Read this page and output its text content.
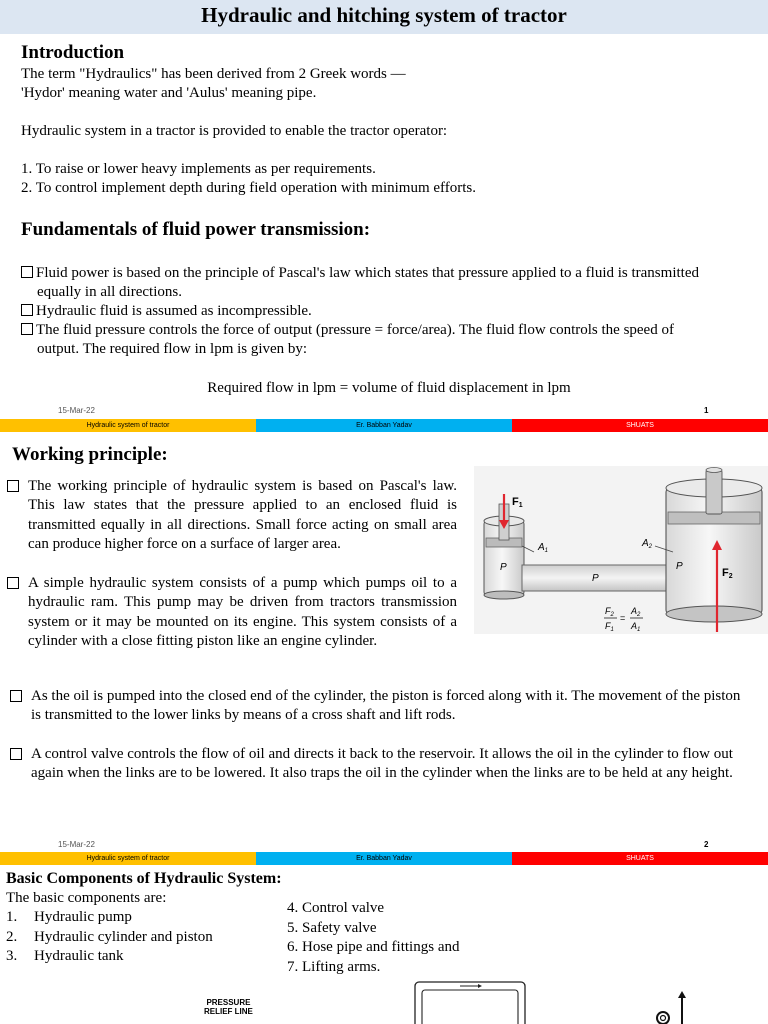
Hydraulic and hitching system of tractor
Introduction

The term "Hydraulics" has been derived from 2 Greek words —

'Hydor' meaning water and 'Aulus' meaning pipe.

Hydraulic system in a tractor is provided to enable the tractor operator:

1. To raise or lower heavy implements as per requirements.

2. To control implement depth during field operation with minimum efforts.

Fundamentals of fluid power transmission:
Fluid power is based on the principle of Pascal's law which states that pressure applied to a fluid is transmitted
equally in all directions.
Hydraulic fluid is assumed as incompressible.
The fluid pressure controls the force of output (pressure = force/area). The fluid flow controls the speed of
output. The required flow in lpm is given by:

Required flow in lpm = volume of fluid displacement in lpm

15-Mar-22	1
Hydraulic system of tractor	Er. Babban Yadav	SHUATS
Working principle:
The working principle of hydraulic system is based on Pascal's law. This law states that the pressure applied to an enclosed fluid is transmitted equally in all directions. Small force acting on small area can produce higher force on a surface of larger area.
A simple hydraulic system consists of a pump which pumps oil to a hydraulic ram. This pump may be driven from tractors transmission system or it may be mounted on its engine. This system consists of a cylinder with a close fitting piston like an engine cylinder.
F1
$A_1$
$A_2$
P
P
P
F2
$F_2$
$F_1$
=
$A_2$
$A_1$
As the oil is pumped into the closed end of the cylinder, the piston is forced along with it. The movement of the piston is transmitted to the lower links by means of a cross shaft and lift rods.
A control valve controls the flow of oil and directs it back to the reservoir. It allows the oil in the cylinder to flow out again when the links are to be lowered. It also traps the oil in the cylinder when the links are to be held at any height.
15-Mar-22	2
Hydraulic system of tractor	Er. Babban Yadav	SHUATS
Basic Components of Hydraulic System:
The basic components are:
1. Hydraulic pump
2. Hydraulic cylinder and piston
3. Hydraulic tank
4. Control valve
5. Safety valve
6. Hose pipe and fittings and
7. Lifting arms.
PRESSURE
RELIEF LINE
